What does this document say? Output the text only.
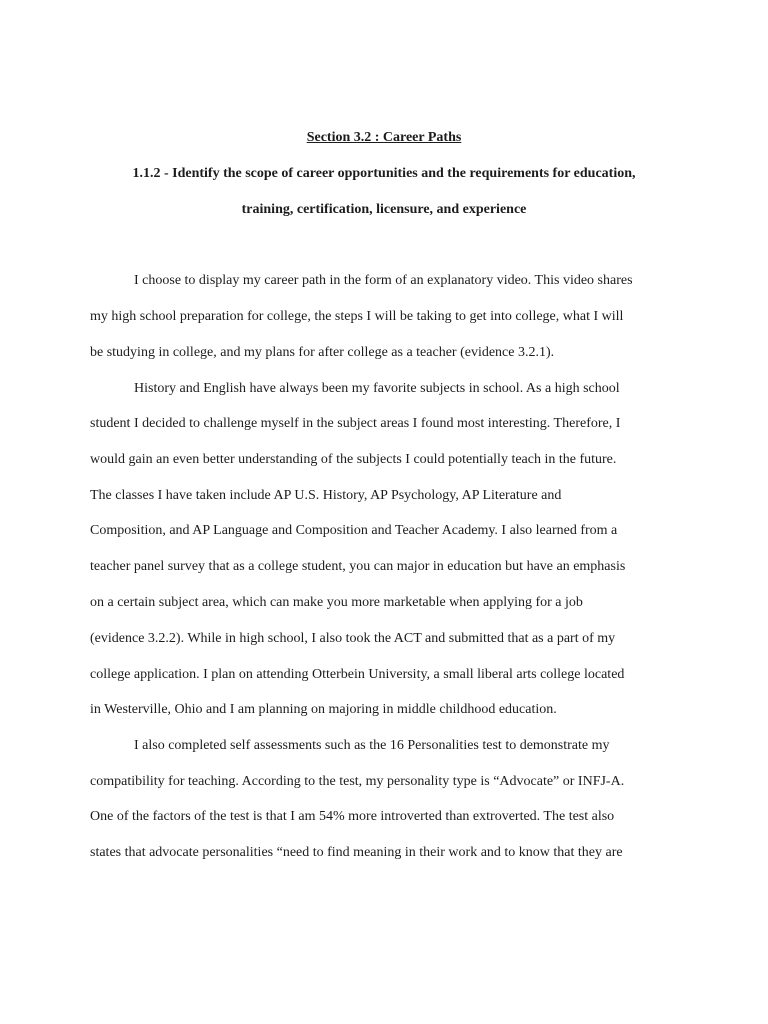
Section 3.2 : Career Paths
1.1.2 - Identify the scope of career opportunities and the requirements for education,
training, certification, licensure, and experience
I choose to display my career path in the form of an explanatory video. This video shares
my high school preparation for college, the steps I will be taking to get into college, what I will
be studying in college, and my plans for after college as a teacher (evidence 3.2.1).
History and English have always been my favorite subjects in school. As a high school
student I decided to challenge myself in the subject areas I found most interesting. Therefore, I
would gain an even better understanding of the subjects I could potentially teach in the future.
The classes I have taken include AP U.S. History, AP Psychology, AP Literature and
Composition, and AP Language and Composition and Teacher Academy. I also learned from a
teacher panel survey that as a college student, you can major in education but have an emphasis
on a certain subject area, which can make you more marketable when applying for a job
(evidence 3.2.2). While in high school, I also took the ACT and submitted that as a part of my
college application. I plan on attending Otterbein University, a small liberal arts college located
in Westerville, Ohio and I am planning on majoring in middle childhood education.
I also completed self assessments such as the 16 Personalities test to demonstrate my
compatibility for teaching. According to the test, my personality type is “Advocate” or INFJ-A.
One of the factors of the test is that I am 54% more introverted than extroverted. The test also
states that advocate personalities “need to find meaning in their work and to know that they are
